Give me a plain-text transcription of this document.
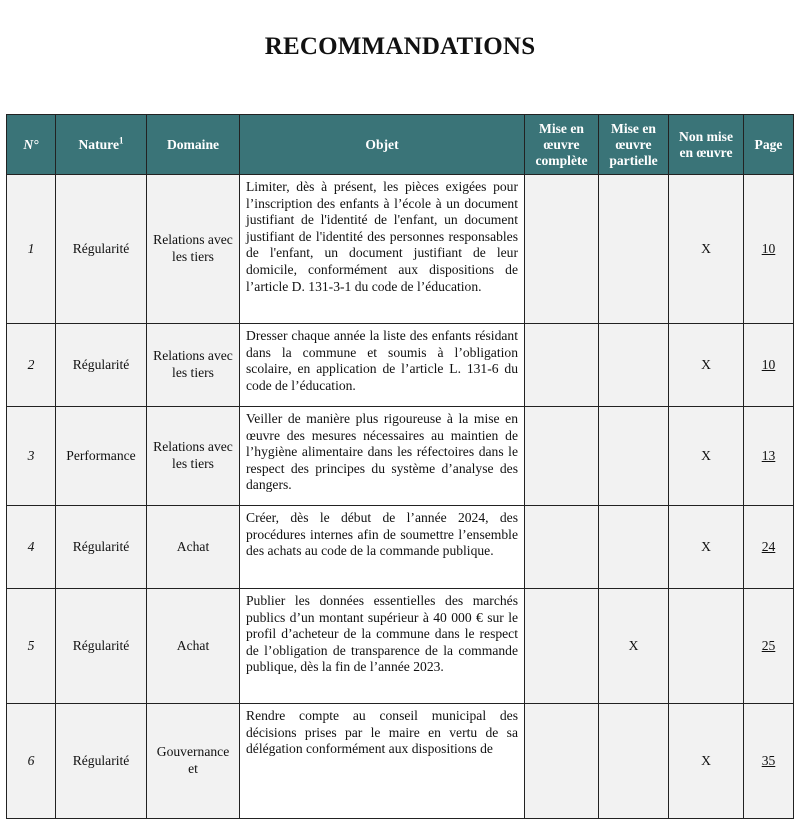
RECOMMANDATIONS
N°	Nature$^1$	Domaine	Objet	Mise en œuvre complète	Mise en œuvre partielle	Non mise en œuvre	Page
1	Régularité	Relations avec les tiers	Limiter, dès à présent, les pièces exigées pour l’inscription des enfants à l’école à un document justifiant de l'identité de l'enfant, un document justifiant de l'identité des personnes responsables de l'enfant, un document justifiant de leur domicile, conformément aux dispositions de l’article D. 131-3-1 du code de l’éducation.			X	10
2	Régularité	Relations avec les tiers	Dresser chaque année la liste des enfants résidant dans la commune et soumis à l’obligation scolaire, en application de l’article L. 131-6 du code de l’éducation.			X	10
3	Performance	Relations avec les tiers	Veiller de manière plus rigoureuse à la mise en œuvre des mesures nécessaires au maintien de l’hygiène alimentaire dans les réfectoires dans le respect des principes du système d’analyse des dangers.			X	13
4	Régularité	Achat	Créer, dès le début de l’année 2024, des procédures internes afin de soumettre l’ensemble des achats au code de la commande publique.			X	24
5	Régularité	Achat	Publier les données essentielles des marchés publics d’un montant supérieur à 40 000 € sur le profil d’acheteur de la commune dans le respect de l’obligation de transparence de la commande publique, dès la fin de l’année 2023.		X		25
6	Régularité	Gouvernance et	Rendre compte au conseil municipal des décisions prises par le maire en vertu de sa délégation conformément aux dispositions de			X	35
